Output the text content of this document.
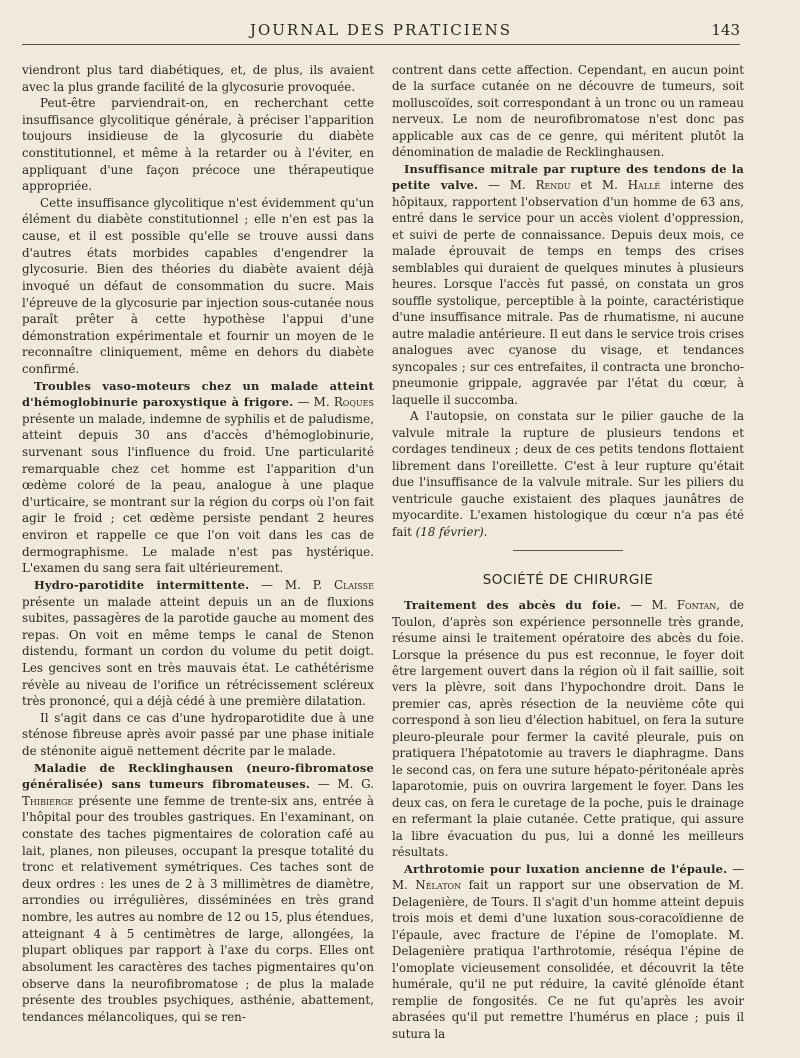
JOURNAL DES PRATICIENS	143

viendront plus tard diabétiques, et, de plus, ils avaient avec la plus grande facilité de la glycosurie provoquée.

Peut-être parviendrait-on, en recherchant cette insuffisance glycolitique générale, à préciser l'apparition toujours insidieuse de la glycosurie du diabète constitutionnel, et même à la retarder ou à l'éviter, en appliquant d'une façon précoce une thérapeutique appropriée.

Cette insuffisance glycolitique n'est évidemment qu'un élément du diabète constitutionnel ; elle n'en est pas la cause, et il est possible qu'elle se trouve aussi dans d'autres états morbides capables d'engendrer la glycosurie. Bien des théories du diabète avaient déjà invoqué un défaut de consommation du sucre. Mais l'épreuve de la glycosurie par injection sous-cutanée nous paraît prêter à cette hypothèse l'appui d'une démonstration expérimentale et fournir un moyen de le reconnaître cliniquement, même en dehors du diabète confirmé.

Troubles vaso-moteurs chez un malade atteint d'hémoglobinurie paroxystique à frigore. — M. Roques présente un malade, indemne de syphilis et de paludisme, atteint depuis 30 ans d'accès d'hémoglobinurie, survenant sous l'influence du froid. Une particularité remarquable chez cet homme est l'apparition d'un œdème coloré de la peau, analogue à une plaque d'urticaire, se montrant sur la région du corps où l'on fait agir le froid ; cet œdème persiste pendant 2 heures environ et rappelle ce que l'on voit dans les cas de dermographisme. Le malade n'est pas hystérique. L'examen du sang sera fait ultérieurement.

Hydro-parotidite intermittente. — M. P. Claisse présente un malade atteint depuis un an de fluxions subites, passagères de la parotide gauche au moment des repas. On voit en même temps le canal de Stenon distendu, formant un cordon du volume du petit doigt. Les gencives sont en très mauvais état. Le cathétérisme révèle au niveau de l'orifice un rétrécissement scléreux très prononcé, qui a déjà cédé à une première dilatation.

Il s'agit dans ce cas d'une hydroparotidite due à une sténose fibreuse après avoir passé par une phase initiale de sténonite aiguë nettement décrite par le malade.

Maladie de Recklinghausen (neuro-fibromatose généralisée) sans tumeurs fibromateuses. — M. G. Thibierge présente une femme de trente-six ans, entrée à l'hôpital pour des troubles gastriques. En l'examinant, on constate des taches pigmentaires de coloration café au lait, planes, non pileuses, occupant la presque totalité du tronc et relativement symétriques. Ces taches sont de deux ordres : les unes de 2 à 3 millimètres de diamètre, arrondies ou irrégulières, disséminées en très grand nombre, les autres au nombre de 12 ou 15, plus étendues, atteignant 4 à 5 centimètres de large, allongées, la plupart obliques par rapport à l'axe du corps. Elles ont absolument les caractères des taches pigmentaires qu'on observe dans la neurofibromatose ; de plus la malade présente des troubles psychiques, asthénie, abattement, tendances mélancoliques, qui se ren-

contrent dans cette affection. Cependant, en aucun point de la surface cutanée on ne découvre de tumeurs, soit molluscoïdes, soit correspondant à un tronc ou un rameau nerveux. Le nom de neurofibromatose n'est donc pas applicable aux cas de ce genre, qui méritent plutôt la dénomination de maladie de Recklinghausen.

Insuffisance mitrale par rupture des tendons de la petite valve. — M. Rendu et M. Hallé interne des hôpitaux, rapportent l'observation d'un homme de 63 ans, entré dans le service pour un accès violent d'oppression, et suivi de perte de connaissance. Depuis deux mois, ce malade éprouvait de temps en temps des crises semblables qui duraient de quelques minutes à plusieurs heures. Lorsque l'accès fut passé, on constata un gros souffle systolique, perceptible à la pointe, caractéristique d'une insuffisance mitrale. Pas de rhumatisme, ni aucune autre maladie antérieure. Il eut dans le service trois crises analogues avec cyanose du visage, et tendances syncopales ; sur ces entrefaites, il contracta une broncho-pneumonie grippale, aggravée par l'état du cœur, à laquelle il succomba.

A l'autopsie, on constata sur le pilier gauche de la valvule mitrale la rupture de plusieurs tendons et cordages tendineux ; deux de ces petits tendons flottaient librement dans l'oreillette. C'est à leur rupture qu'était due l'insuffisance de la valvule mitrale. Sur les piliers du ventricule gauche existaient des plaques jaunâtres de myocardite. L'examen histologique du cœur n'a pas été fait (18 février).

SOCIÉTÉ DE CHIRURGIE

Traitement des abcès du foie. — M. Fontan, de Toulon, d'après son expérience personnelle très grande, résume ainsi le traitement opératoire des abcès du foie. Lorsque la présence du pus est reconnue, le foyer doit être largement ouvert dans la région où il fait saillie, soit vers la plèvre, soit dans l'hypochondre droit. Dans le premier cas, après résection de la neuvième côte qui correspond à son lieu d'élection habituel, on fera la suture pleuro-pleurale pour fermer la cavité pleurale, puis on pratiquera l'hépatotomie au travers le diaphragme. Dans le second cas, on fera une suture hépato-péritonéale après laparotomie, puis on ouvrira largement le foyer. Dans les deux cas, on fera le curetage de la poche, puis le drainage en refermant la plaie cutanée. Cette pratique, qui assure la libre évacuation du pus, lui a donné les meilleurs résultats.

Arthrotomie pour luxation ancienne de l'épaule. — M. Nélaton fait un rapport sur une observation de M. Delagenière, de Tours. Il s'agit d'un homme atteint depuis trois mois et demi d'une luxation sous-coracoïdienne de l'épaule, avec fracture de l'épine de l'omoplate. M. Delagenière pratiqua l'arthrotomie, réséqua l'épine de l'omoplate vicieusement consolidée, et découvrit la tête humérale, qu'il ne put réduire, la cavité glénoïde étant remplie de fongosités. Ce ne fut qu'après les avoir abrasées qu'il put remettre l'humérus en place ; puis il sutura la
